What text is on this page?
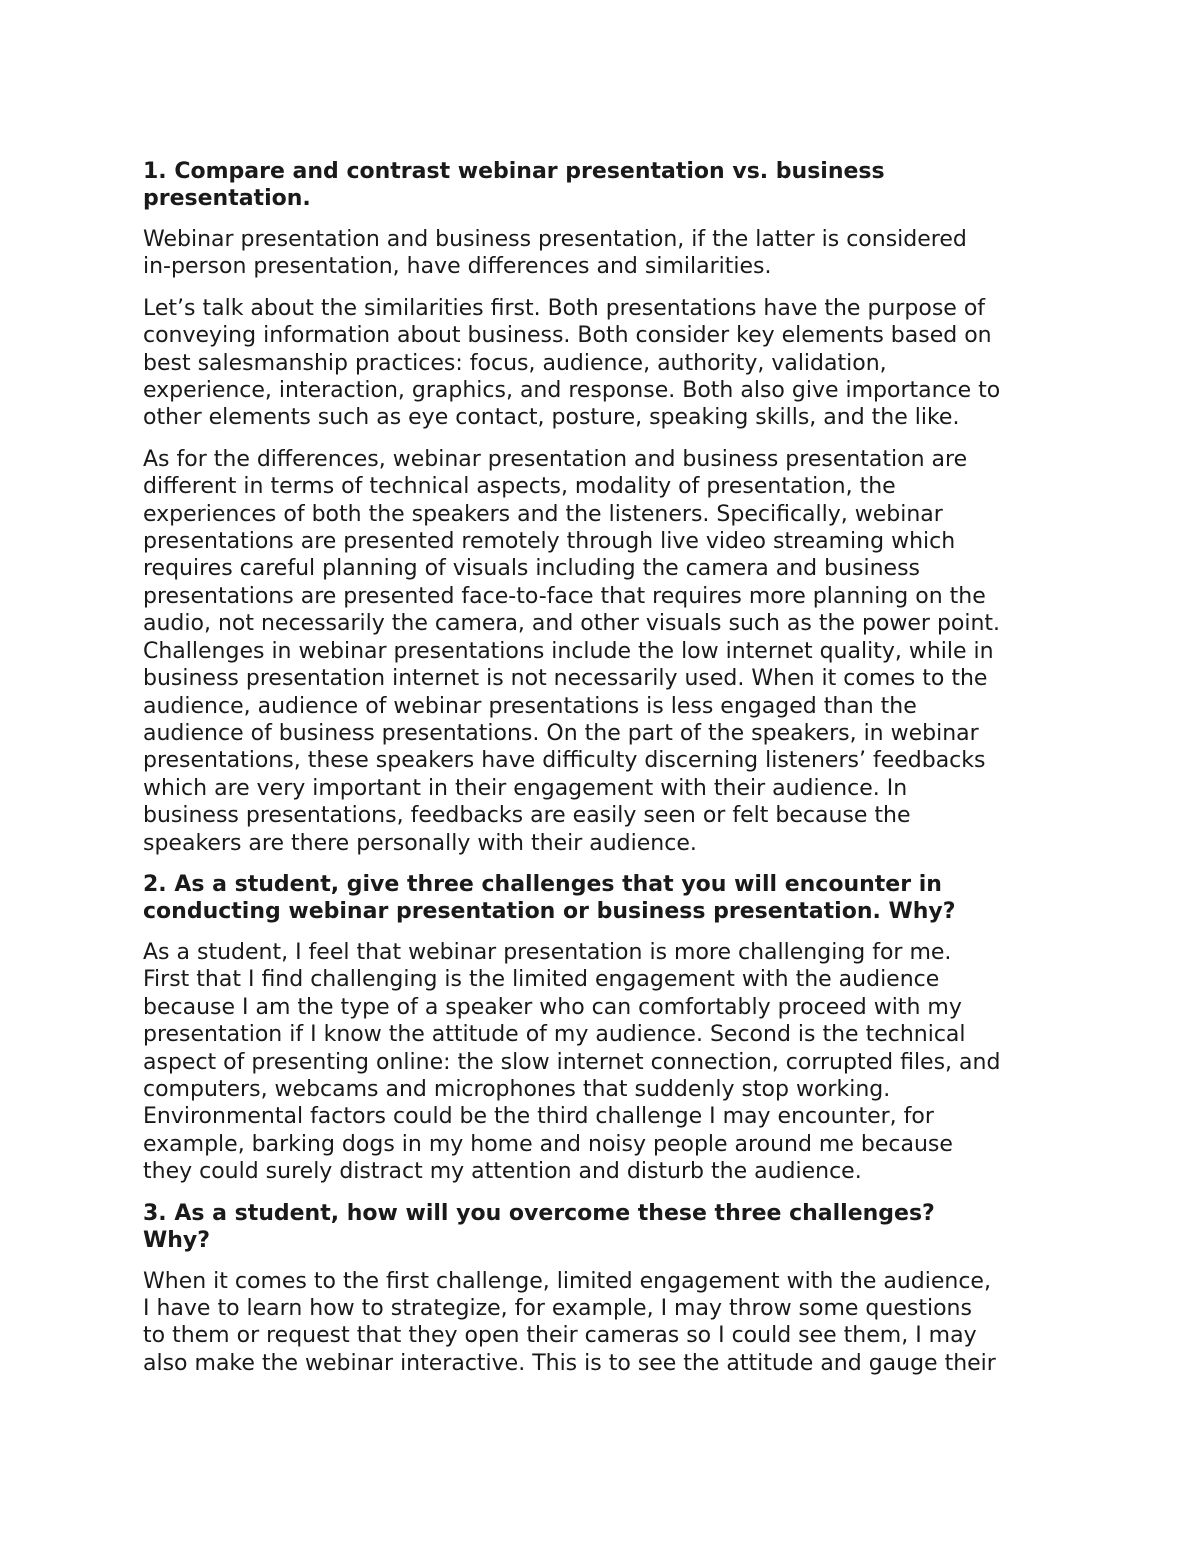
1. Compare and contrast webinar presentation vs. business
presentation.
Webinar presentation and business presentation, if the latter is considered
in-person presentation, have differences and similarities.
Let’s talk about the similarities first. Both presentations have the purpose of
conveying information about business. Both consider key elements based on
best salesmanship practices: focus, audience, authority, validation,
experience, interaction, graphics, and response. Both also give importance to
other elements such as eye contact, posture, speaking skills, and the like.
As for the differences, webinar presentation and business presentation are
different in terms of technical aspects, modality of presentation, the
experiences of both the speakers and the listeners. Specifically, webinar
presentations are presented remotely through live video streaming which
requires careful planning of visuals including the camera and business
presentations are presented face-to-face that requires more planning on the
audio, not necessarily the camera, and other visuals such as the power point.
Challenges in webinar presentations include the low internet quality, while in
business presentation internet is not necessarily used. When it comes to the
audience, audience of webinar presentations is less engaged than the
audience of business presentations. On the part of the speakers, in webinar
presentations, these speakers have difficulty discerning listeners’ feedbacks
which are very important in their engagement with their audience. In
business presentations, feedbacks are easily seen or felt because the
speakers are there personally with their audience.
2. As a student, give three challenges that you will encounter in
conducting webinar presentation or business presentation. Why?
As a student, I feel that webinar presentation is more challenging for me.
First that I find challenging is the limited engagement with the audience
because I am the type of a speaker who can comfortably proceed with my
presentation if I know the attitude of my audience. Second is the technical
aspect of presenting online: the slow internet connection, corrupted files, and
computers, webcams and microphones that suddenly stop working.
Environmental factors could be the third challenge I may encounter, for
example, barking dogs in my home and noisy people around me because
they could surely distract my attention and disturb the audience.
3. As a student, how will you overcome these three challenges?
Why?
When it comes to the first challenge, limited engagement with the audience,
I have to learn how to strategize, for example, I may throw some questions
to them or request that they open their cameras so I could see them, I may
also make the webinar interactive. This is to see the attitude and gauge their
